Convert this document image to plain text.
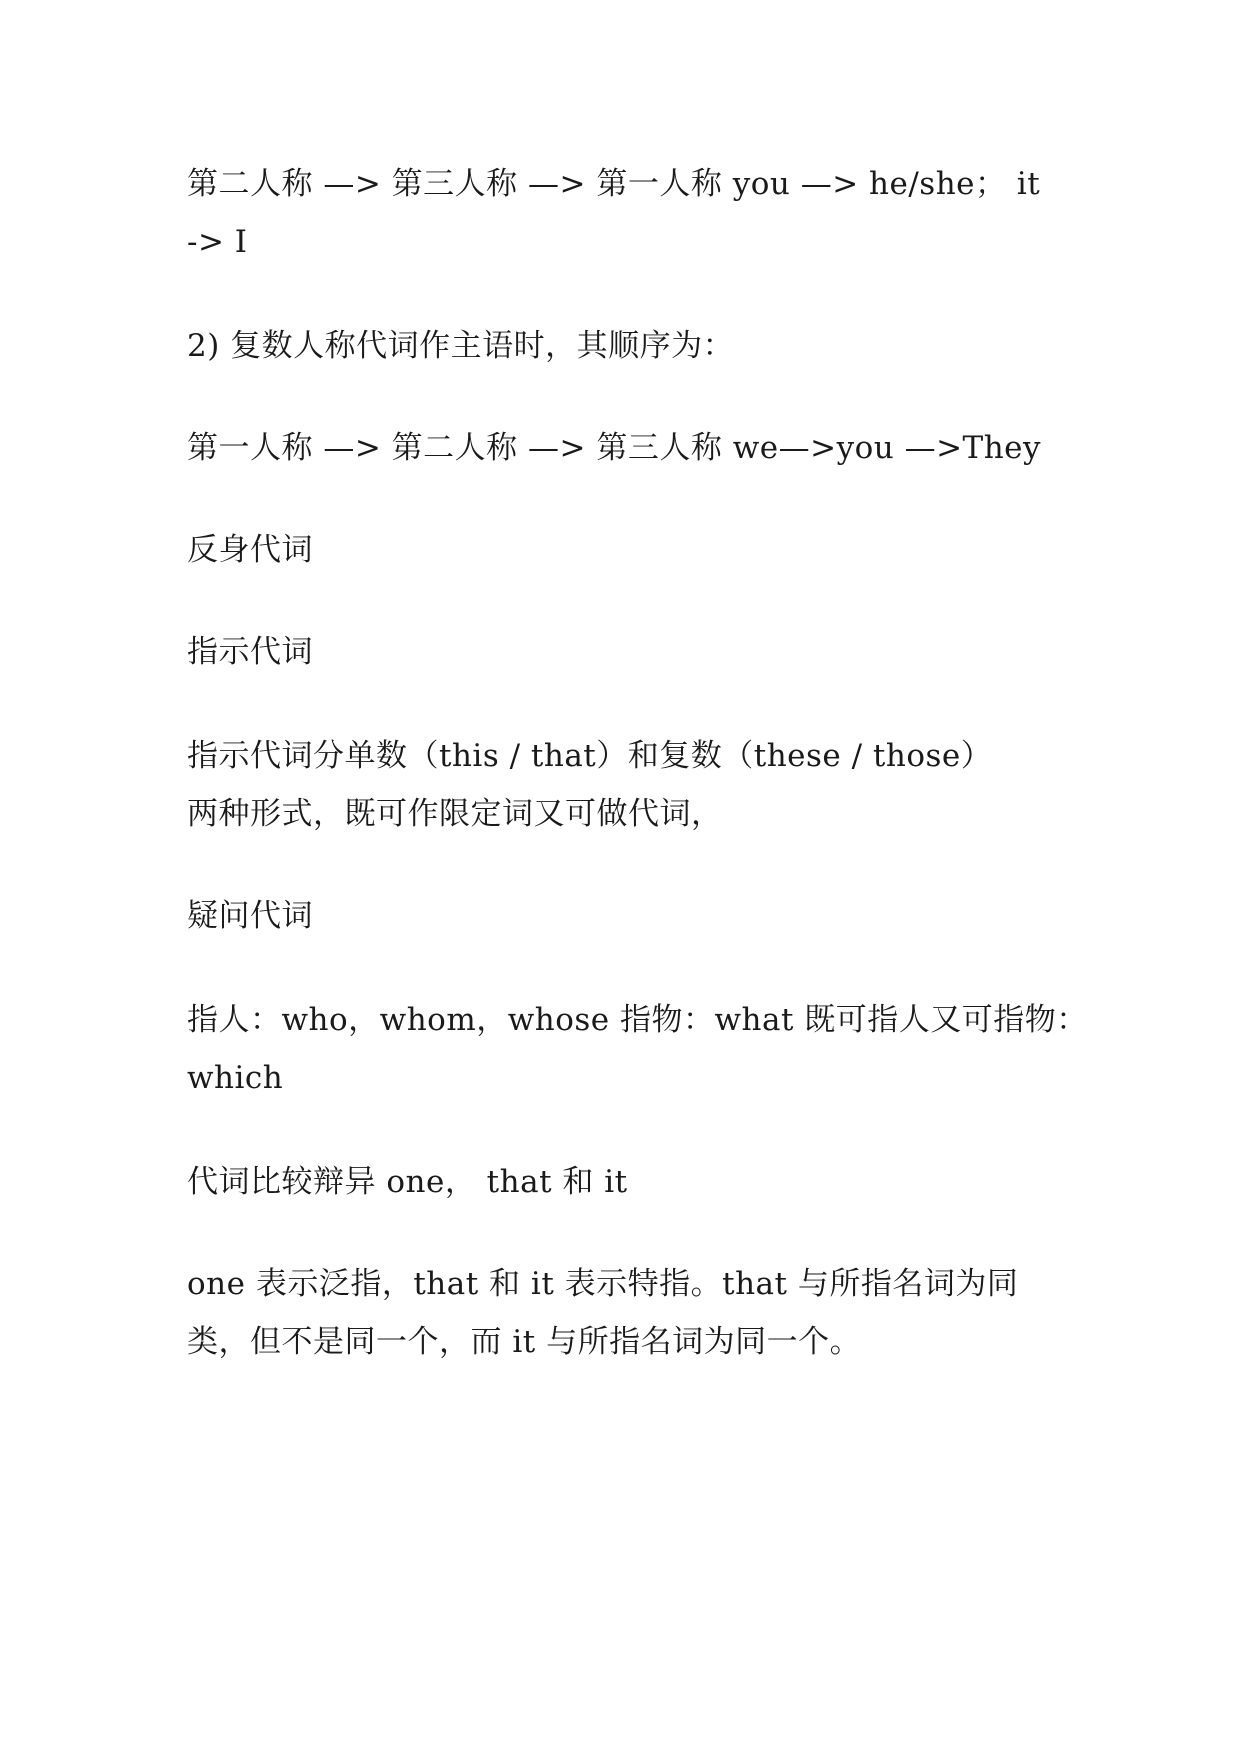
第二人称 —> 第三人称 —> 第一人称 you —> he/she； it
-> I
2) 复数人称代词作主语时，其顺序为：
第一人称 —> 第二人称 —> 第三人称 we—>you —>They
反身代词
指示代词
指示代词分单数（this / that）和复数（these / those）
两种形式，既可作限定词又可做代词，
疑问代词
指人：who，whom，whose 指物：what 既可指人又可指物：
which
代词比较辩异 one， that 和 it
one 表示泛指，that 和 it 表示特指。that 与所指名词为同
类，但不是同一个，而 it 与所指名词为同一个。
